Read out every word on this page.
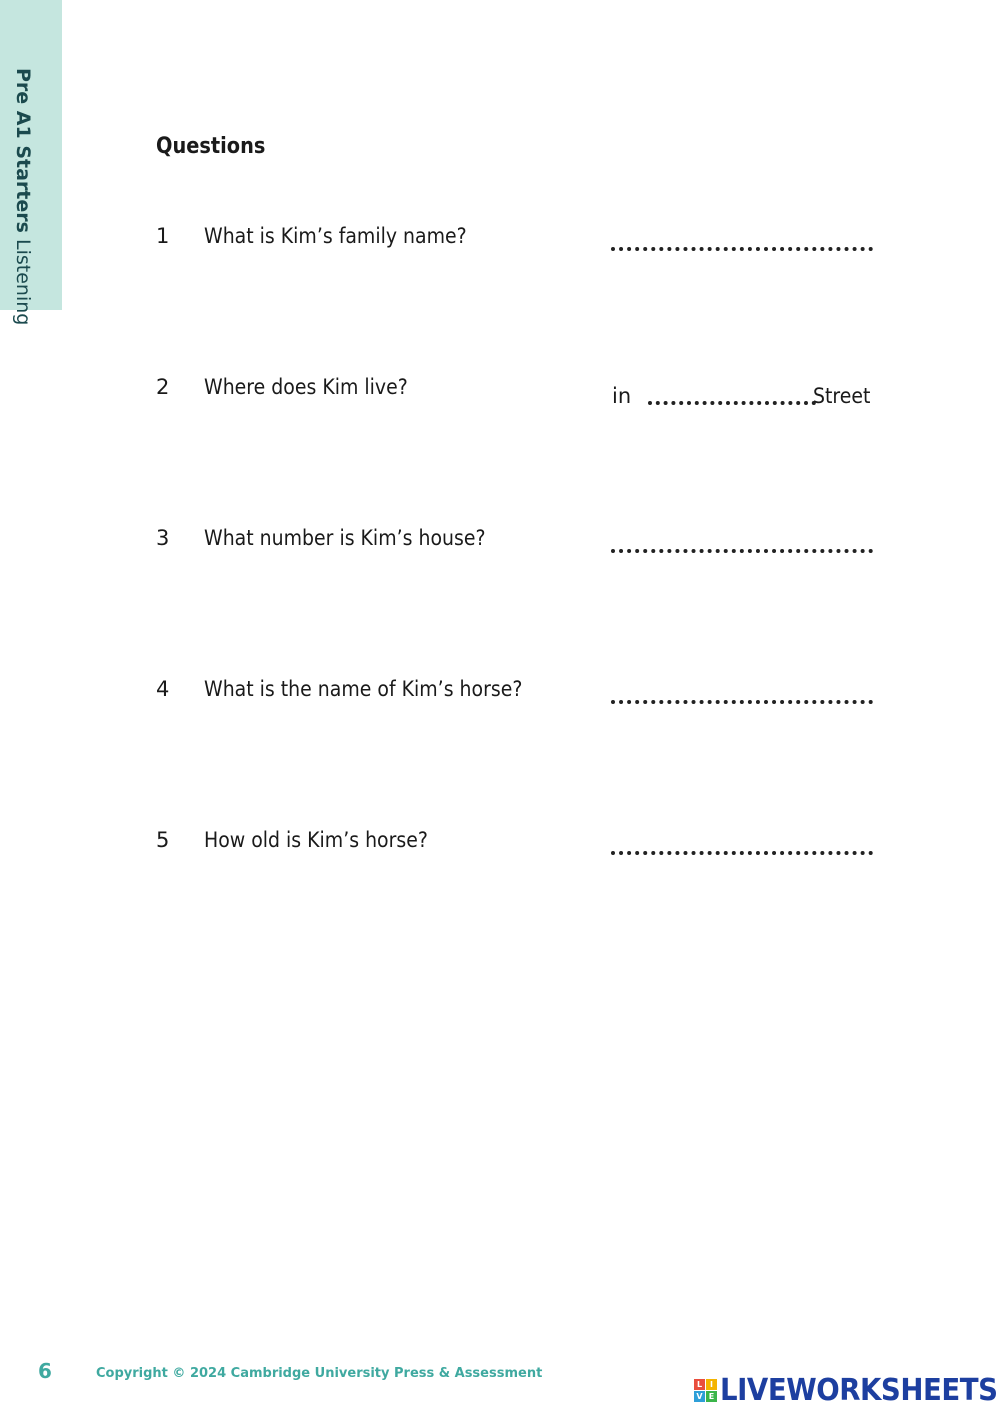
Pre A1 Starters Listening
Questions
1 What is Kim’s family name?
2 Where does Kim live?	in	Street
3 What number is Kim’s house?
4 What is the name of Kim’s horse?
5 How old is Kim’s horse?
6	Copyright © 2024 Cambridge University Press & Assessment
L I
V E LIVEWORKSHEETS
